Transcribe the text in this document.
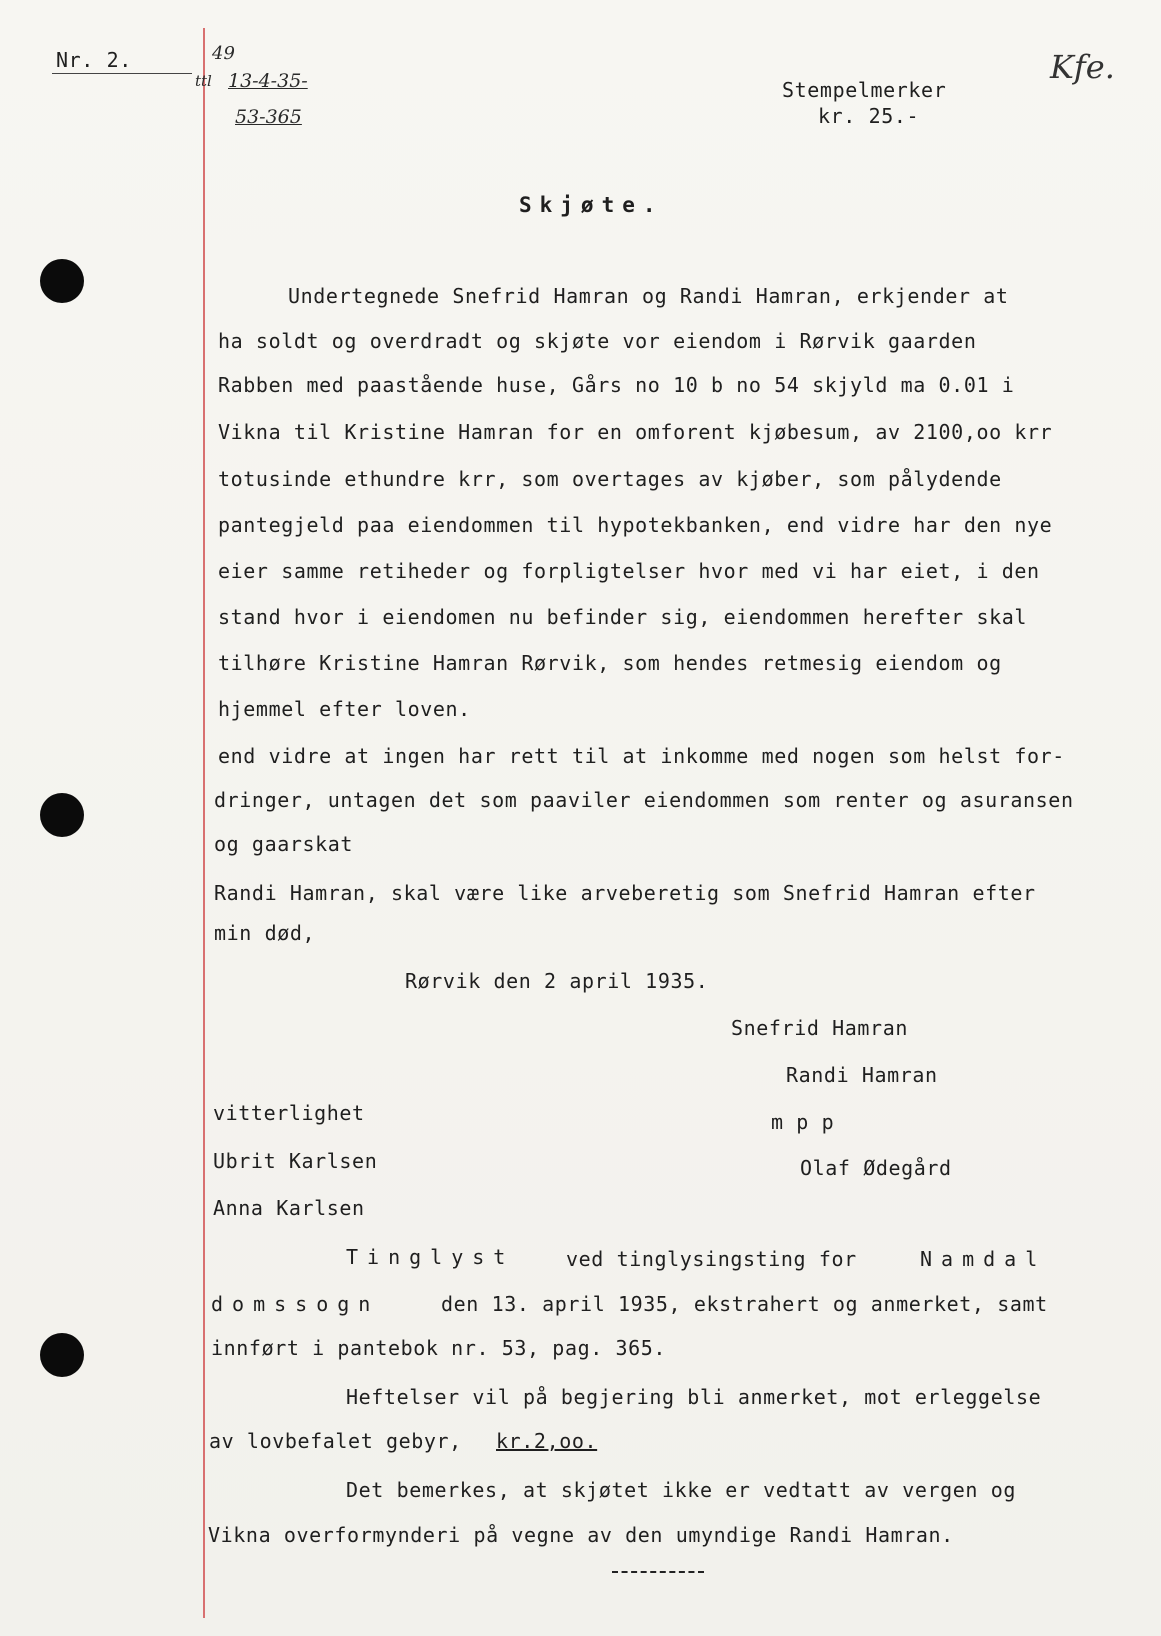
Nr. 2.	49
ttl 13-4-35-
53-365
Stempelmerker
kr. 25.-
Kfe.
Skjøte.
Undertegnede Snefrid Hamran og Randi Hamran, erkjender at
ha soldt og overdradt og skjøte vor eiendom i Rørvik gaarden
Rabben med paastående huse, Gårs no 10 b no 54 skjyld ma 0.01 i
Vikna til Kristine Hamran for en omforent kjøbesum, av 2100,oo krr
totusinde ethundre krr, som overtages av kjøber, som pålydende
pantegjeld paa eiendommen til hypotekbanken, end vidre har den nye
eier samme retiheder og forpligtelser hvor med vi har eiet, i den
stand hvor i eiendomen nu befinder sig, eiendommen herefter skal
tilhøre Kristine Hamran Rørvik, som hendes retmesig eiendom og
hjemmel efter loven.
end vidre at ingen har rett til at inkomme med nogen som helst for-
dringer, untagen det som paaviler eiendommen som renter og asuransen
og gaarskat
Randi Hamran, skal være like arveberetig som Snefrid Hamran efter
min død,
Rørvik den 2 april 1935.
Snefrid Hamran
Randi Hamran
m p p
Olaf Ødegård
vitterlighet
Ubrit Karlsen
Anna Karlsen
Tinglyst	ved tinglysingsting for	Namdal
domssogn	den 13. april 1935, ekstrahert og anmerket, samt
innført i pantebok nr. 53, pag. 365.
Heftelser vil på begjering bli anmerket, mot erleggelse
av lovbefalet gebyr, kr.2,oo.
Det bemerkes, at skjøtet ikke er vedtatt av vergen og
Vikna overformynderi på vegne av den umyndige Randi Hamran.
